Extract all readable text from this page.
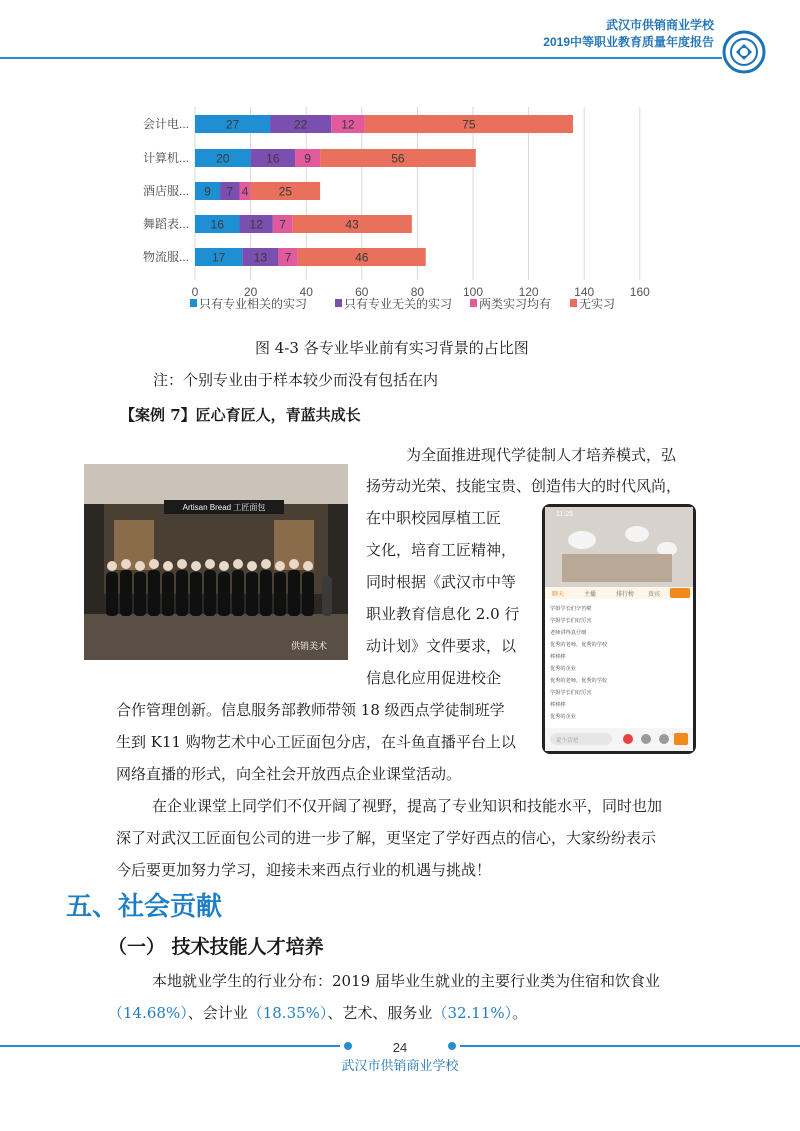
武汉市供销商业学校
2019中等职业教育质量年度报告
会计电...	27	22	12	75
计算机... 20	16 9	56
酒店服... 9 7 4	25
舞蹈表... 16 12 7	43
物流服... 17 13 7	46
0	20	40	60	80	100	120	140	160
只有专业相关的实习	只有专业无关的实习 两类实习均有 无实习
图 4-3 各专业毕业前有实习背景的占比图
注：个别专业由于样本较少而没有包括在内
【案例 7】匠心育匠人，青蓝共成长
Artisan Bread 工匠面包
供销美术
11:25
聊天	主播	排行榜 贵宾
学姐学长们辛苦啦
学姐学长们好厉害
老师讲得真仔细
优秀的老师，优秀的学校
棒棒棒
优秀的企业
优秀的老师，优秀的学校
学姐学长们好厉害
棒棒棒
优秀的企业
说个话吧
为全面推进现代学徒制人才培养模式，弘
扬劳动光荣、技能宝贵、创造伟大的时代风尚，
在中职校园厚植工匠
文化，培育工匠精神，
同时根据《武汉市中等
职业教育信息化 2.0 行
动计划》文件要求，以
信息化应用促进校企
合作管理创新。信息服务部教师带领 18 级西点学徒制班学
生到 K11 购物艺术中心工匠面包分店，在斗鱼直播平台上以
网络直播的形式，向全社会开放西点企业课堂活动。
在企业课堂上同学们不仅开阔了视野，提高了专业知识和技能水平，同时也加
深了对武汉工匠面包公司的进一步了解，更坚定了学好西点的信心，大家纷纷表示
今后要更加努力学习，迎接未来西点行业的机遇与挑战！
五、社会贡献
（一） 技术技能人才培养
本地就业学生的行业分布：2019 届毕业生就业的主要行业类为住宿和饮食业
（14.68%）、会计业（18.35%）、艺术、服务业（32.11%）。
24
武汉市供销商业学校
